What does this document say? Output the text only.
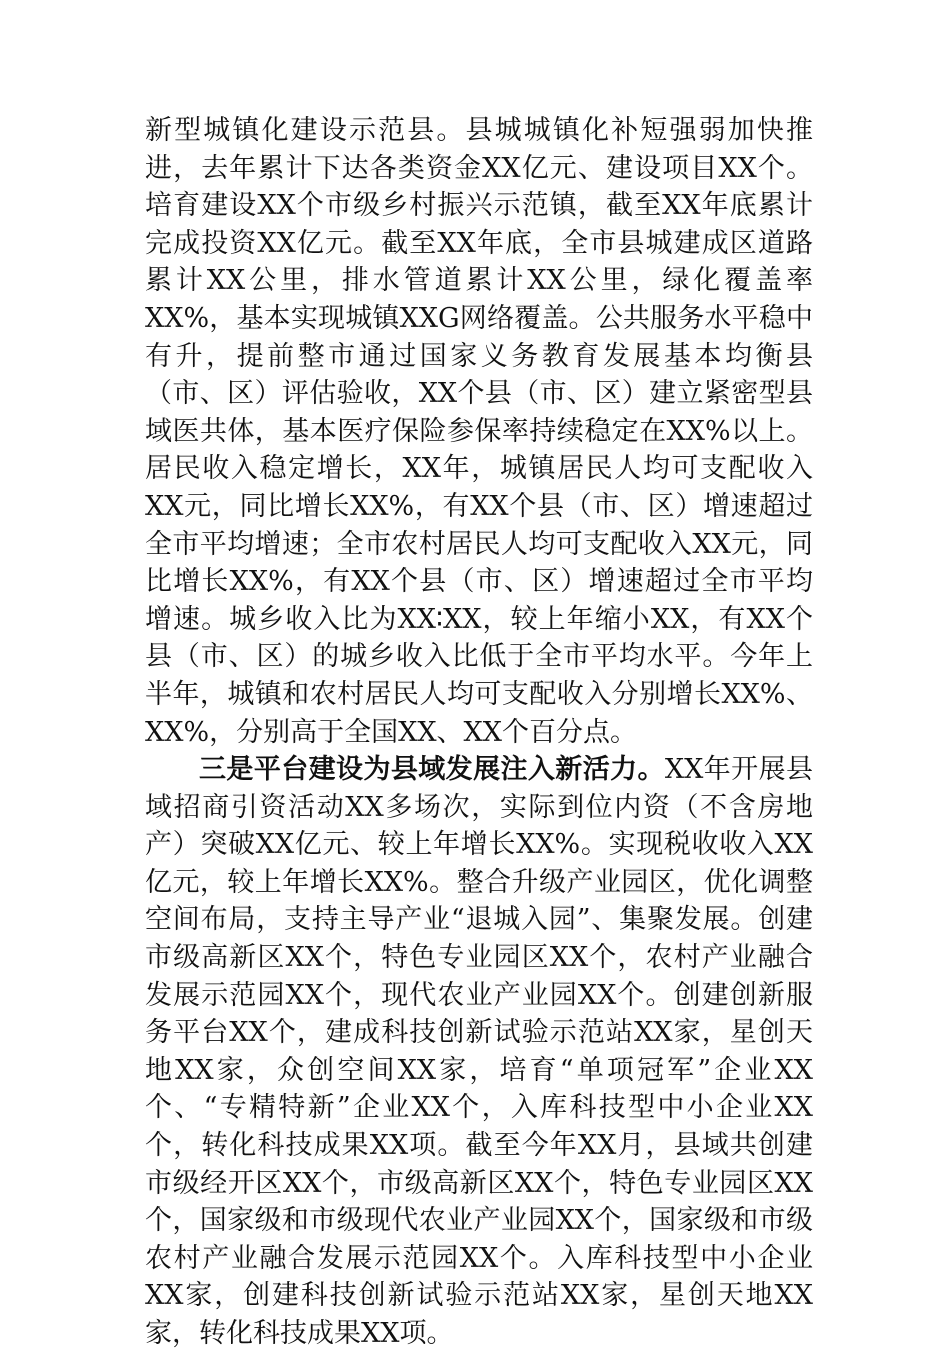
新型城镇化建设示范县。县城城镇化补短强弱加快推进，去年累计下达各类资金XX亿元、建设项目XX个。培育建设XX个市级乡村振兴示范镇，截至XX年底累计完成投资XX亿元。截至XX年底，全市县城建成区道路累计XX公里，排水管道累计XX公里，绿化覆盖率XX%，基本实现城镇XXG网络覆盖。公共服务水平稳中有升，提前整市通过国家义务教育发展基本均衡县（市、区）评估验收，XX个县（市、区）建立紧密型县域医共体，基本医疗保险参保率持续稳定在XX%以上。居民收入稳定增长，XX年，城镇居民人均可支配收入XX元，同比增长XX%，有XX个县（市、区）增速超过全市平均增速；全市农村居民人均可支配收入XX元，同比增长XX%，有XX个县（市、区）增速超过全市平均增速。城乡收入比为XX∶XX，较上年缩小XX，有XX个县（市、区）的城乡收入比低于全市平均水平。今年上半年，城镇和农村居民人均可支配收入分别增长XX%、XX%，分别高于全国XX、XX个百分点。

三是平台建设为县域发展注入新活力。XX年开展县域招商引资活动XX多场次，实际到位内资（不含房地产）突破XX亿元、较上年增长XX%。实现税收收入XX亿元，较上年增长XX%。整合升级产业园区，优化调整空间布局，支持主导产业“退城入园”、集聚发展。创建市级高新区XX个，特色专业园区XX个，农村产业融合发展示范园XX个，现代农业产业园XX个。创建创新服务平台XX个，建成科技创新试验示范站XX家，星创天地XX家，众创空间XX家，培育“单项冠军”企业XX个、“专精特新”企业XX个，入库科技型中小企业XX个，转化科技成果XX项。截至今年XX月，县域共创建市级经开区XX个，市级高新区XX个，特色专业园区XX个，国家级和市级现代农业产业园XX个，国家级和市级农村产业融合发展示范园XX个。入库科技型中小企业XX家，创建科技创新试验示范站XX家，星创天地XX家，转化科技成果XX项。
